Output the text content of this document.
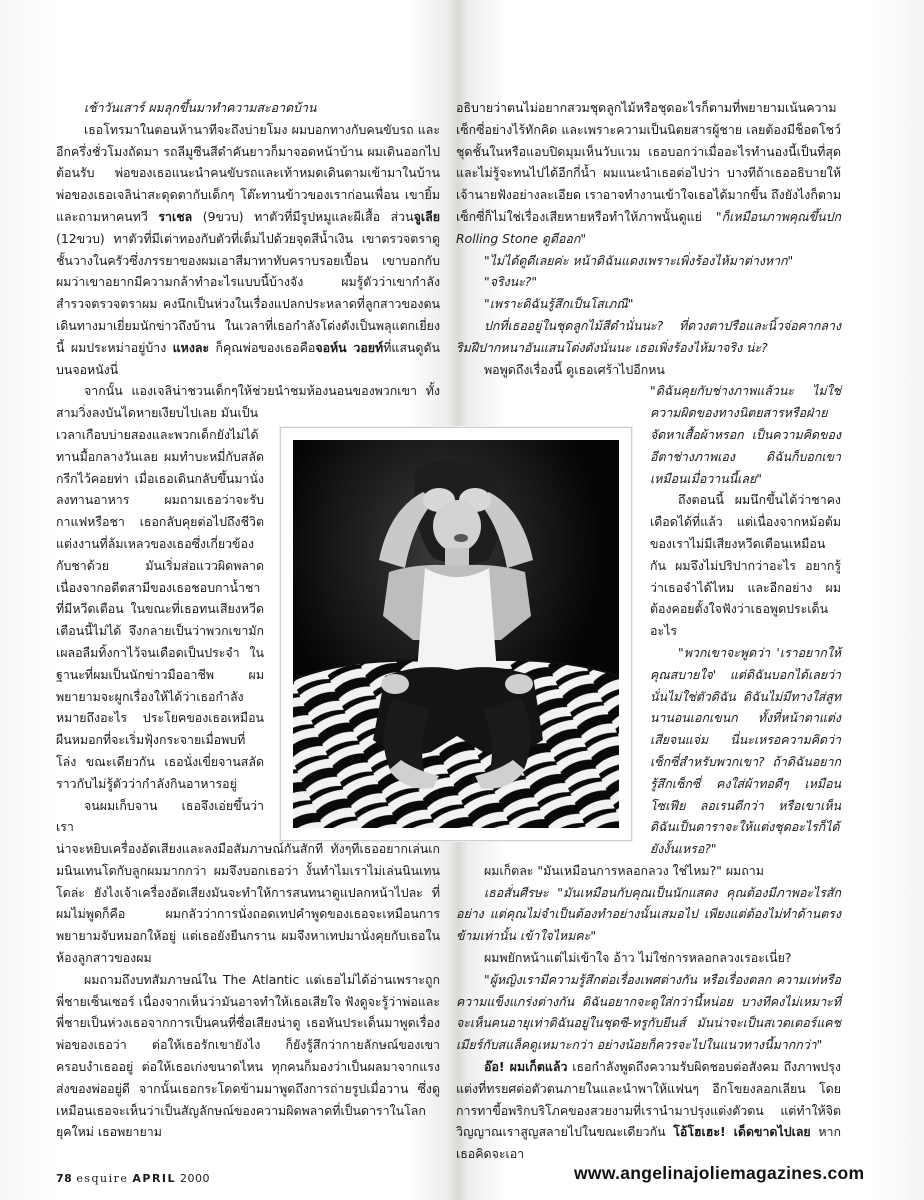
เช้าวันเสาร์ ผมลุกขึ้นมาทำความสะอาดบ้าน

เธอโทรมาในตอนห้านาทีจะถึงบ่ายโมง ผมบอกทางกับคนขับรถ และอีกครึ่งชั่วโมงถัดมา รถลีมูซีนสีดำคันยาวก็มาจอดหน้าบ้าน ผมเดินออกไปต้อนรับ พ่อของเธอแนะนำคนขับรถและเท้าหมดเดินตามเข้ามาในบ้าน พ่อของเธอเจลิน่าสะดุดตากับเด็กๆ โต๊ะทานข้าวของเราก่อนเพื่อน เขายิ้มและถามหาคนทวี ราเชล (9ขวบ) ทาตัวที่มีรูปหมูและผีเสื้อ ส่วนจูเลีย (12ขวบ) ทาตัวที่มีเต่าทองกับตัวที่เต็มไปด้วยจุดสีน้ำเงิน เขาตรวจตราดูชั้นวางในครัวซึ่งภรรยาของผมเอาสีมาทาทับคราบรอยเปื้อน เขาบอกกับผมว่าเขาอยากมีความกล้าทำอะไรแบบนี้บ้างจัง ผมรู้ตัวว่าเขากำลังสำรวจตรวจตราผม คงนึกเป็นห่วงในเรื่องแปลกประหลาดที่ลูกสาวของตนเดินทางมาเยี่ยมนักข่าวถึงบ้าน ในเวลาที่เธอกำลังโด่งดังเป็นพลุแตกเยี่ยงนี้ ผมประหม่าอยู่บ้าง แหงละ ก็คุณพ่อของเธอคือจอห์น วอยท์ที่แสนดูดันบนจอหนังนี่

จากนั้น แองเจลิน่าชวนเด็กๆให้ช่วยนำชมห้องนอนของพวกเขา ทั้งสามวิ่งลงบันไดหายเงียบไปเลย มันเป็น

เวลาเกือบบ่ายสองและพวกเด็กยังไม่ได้ทานมื้อกลางวันเลย ผมทำบะหมี่กับสลัดกรีกไว้คอยท่า เมื่อเธอเดินกลับขึ้นมานั่งลงทานอาหาร ผมถามเธอว่าจะรับกาแฟหรือชา เธอกลับคุยต่อไปถึงชีวิตแต่งงานที่ล้มเหลวของเธอซึ่งเกี่ยวข้องกับชาด้วย มันเริ่มส่อแววผิดพลาดเนื่องจากอดีตสามีของเธอชอบกาน้ำชาที่มีหวีดเตือน ในขณะที่เธอทนเสียงหวีดเตือนนี้ไม่ได้ จึงกลายเป็นว่าพวกเขามักเผลอลืมทิ้งกาไว้จนเดือดเป็นประจำ ในฐานะที่ผมเป็นนักข่าวมืออาชีพ ผมพยายามจะผูกเรื่องให้ได้ว่าเธอกำลังหมายถึงอะไร ประโยคของเธอเหมือนผืนหมอกที่จะเริ่มฟุ้งกระจายเมื่อพบที่โล่ง ขณะเดียวกัน เธอนั่งเขี่ยจานสลัดราวกับไม่รู้ตัวว่ากำลังกินอาหารอยู่

จนผมเก็บจาน เธอจึงเอ่ยขึ้นว่า เรา

น่าจะหยิบเครื่องอัดเสียงและลงมือสัมภาษณ์กันสักที ทั้งๆที่เธออยากเล่นเกมนินเทนโดกับลูกผมมากกว่า ผมจึงบอกเธอว่า งั้นทำไมเราไม่เล่นนินเทนโดล่ะ ยังไงเจ้าเครื่องอัดเสียงมันจะทำให้การสนทนาดูแปลกหน้าไปละ ที่ผมไม่พูดก็คือ ผมกลัวว่าการนั่งถอดเทปคำพูดของเธอจะเหมือนการพยายามจับหมอกให้อยู่ แต่เธอยังยืนกราน ผมจึงหาเทปมานั่งคุยกับเธอในห้องลูกสาวของผม

ผมถามถึงบทสัมภาษณ์ใน The Atlantic แต่เธอไม่ได้อ่านเพราะถูกพี่ชายเซ็นเซอร์ เนื่องจากเห็นว่ามันอาจทำให้เธอเสียใจ ฟังดูจะรู้ว่าพ่อและพี่ชายเป็นห่วงเธอจากการเป็นคนที่ซื่อเสียงน่าดู เธอหันประเด็นมาพูดเรื่องพ่อของเธอว่า ต่อให้เธอรักเขายังไง ก็ยังรู้สึกว่ากายลักษณ์ของเขาครอบงำเธออยู่ ต่อให้เธอเก่งขนาดไหน ทุกคนก็มองว่าเป็นผลมาจากแรงส่งของพ่ออยู่ดี จากนั้นเธอกระโดดข้ามมาพูดถึงการถ่ายรูปเมื่อวาน ซึ่งดูเหมือนเธอจะเห็นว่าเป็นสัญลักษณ์ของความผิดพลาดที่เป็นดาราในโลกยุคใหม่ เธอพยายาม

อธิบายว่าตนไม่อยากสวมชุดลูกไม้หรือชุดอะไรก็ตามที่พยายามเน้นความเซ็กซี่อย่างไร้ทักคิด และเพราะความเป็นนิตยสารผู้ชาย เลยต้องมีช็อตโชว์ชุดชั้นในหรือแอบปิดมุมเห็นวับแวม เธอบอกว่าเมื่ออะไรทำนองนี้เป็นที่สุดและไม่รู้จะทนไปได้อีกกี่น้ำ ผมแนะนำเธอต่อไปว่า บางทีถ้าเธออธิบายให้เจ้านายฟังอย่างละเอียด เราอาจทำงานเข้าใจเธอได้มากขึ้น ถึงยังไงก็ตามเซ็กซี่ก็ไม่ใช่เรื่องเสียหายหรือทำให้ภาพนั้นดูแย่ "ก็เหมือนภาพคุณขึ้นปก Rolling Stone ดูดีออก"

"ไม่ได้ดูดีเลยค่ะ หน้าดิฉันแดงเพราะเพิ่งร้องไห้มาต่างหาก"

"จริงนะ?"

"เพราะดิฉันรู้สึกเป็นโสเภณี"

ปกที่เธออยู่ในชุดลูกไม้สีดำนั่นนะ? ที่ดวงตาปรือและนิ้วจ่อคากลางริมฝีปากหนาอันแสนโด่งดังนั่นนะ เธอเพิ่งร้องไห้มาจริง น่ะ?

พอพูดถึงเรื่องนี้ ดูเธอเศร้าไปอีกหน

"ดิฉันคุยกับช่างภาพแล้วนะ ไม่ใช่ความผิดของทางนิตยสารหรือฝ่ายจัดหาเสื้อผ้าหรอก เป็นความคิดของอีตาช่างภาพเอง ดิฉันก็บอกเขาเหมือนเมื่อวานนี้เลย"

ถึงตอนนี้ ผมนึกขึ้นได้ว่าชาคงเดือดได้ที่แล้ว แต่เนื่องจากหม้อต้มของเราไม่มีเสียงหวีดเตือนเหมือนกัน ผมจึงไม่ปริปากว่าอะไร อยากรู้ว่าเธอจำได้ไหม และอีกอย่าง ผมต้องคอยตั้งใจฟังว่าเธอพูดประเด็นอะไร

"พวกเขาจะพูดว่า 'เราอยากให้คุณสบายใจ' แต่ดิฉันบอกได้เลยว่า นั่นไม่ใช่ตัวดิฉัน ดิฉันไม่มีทางใส่สูทนานอนเอกเขนก ทั้งที่หน้าตาแต่งเสียจนแจ่ม นี่นะเหรอความคิดว่าเซ็กซี่สำหรับพวกเขา? ถ้าดิฉันอยากรู้สึกเซ็กซี่ คงใส่ผ้าทอดีๆ เหมือนโซเฟีย ลอเรนดีกว่า หรือเขาเห็นดิฉันเป็นดาราจะให้แต่งชุดอะไรก็ได้ยังงั้นเหรอ?"

ผมเก็ตละ "มันเหมือนการหลอกลวง ใช่ไหม?" ผมถาม

เธอสั่นศีรษะ "มันเหมือนกับคุณเป็นนักแสดง คุณต้องมีภาพอะไรสักอย่าง แต่คุณไม่จำเป็นต้องทำอย่างนั้นเสมอไป เพียงแต่ต้องไม่ทำด้านตรงข้ามเท่านั้น เข้าใจไหมคะ"

ผมพยักหน้าแต่ไม่เข้าใจ อ้าว ไม่ใช่การหลอกลวงเรอะเนี่ย?

"ผู้หญิงเรามีความรู้สึกต่อเรื่องเพศต่างกัน หรือเรื่องตลก ความเท่หรือความแข็งแกร่งต่างกัน ดิฉันอยากจะดูใส่กว่านี้หน่อย บางทีคงไม่เหมาะที่จะเห็นคนอายุเท่าดิฉันอยู่ในชุดซี-ทรูกับยีนส์ มันน่าจะเป็นสเวตเตอร์แคชเมียร์กับสแล็คดูเหมาะกว่า อย่างน้อยก็ควรจะไปในแนวทางนี้มากกว่า"

อ๊อ! ผมเก็ตแล้ว เธอกำลังพูดถึงความรับผิดชอบต่อสังคม ถึงภาพปรุงแต่งที่ทรยศต่อตัวตนภายในและนำพาให้แฟนๆ อีกโขยงลอกเลียน โดยการทาขี้อพริกบริโภคของสวยงามที่เรานำมาปรุงแต่งตัวตน แต่ทำให้จิตวิญญาณเราสูญสลายไปในขณะเดียวกัน โอ้โฮเฮะ! เด็ดขาดไปเลย หากเธอคิดจะเอา

78 esquire APRIL 2000	www.angelinajoliemagazines.com
